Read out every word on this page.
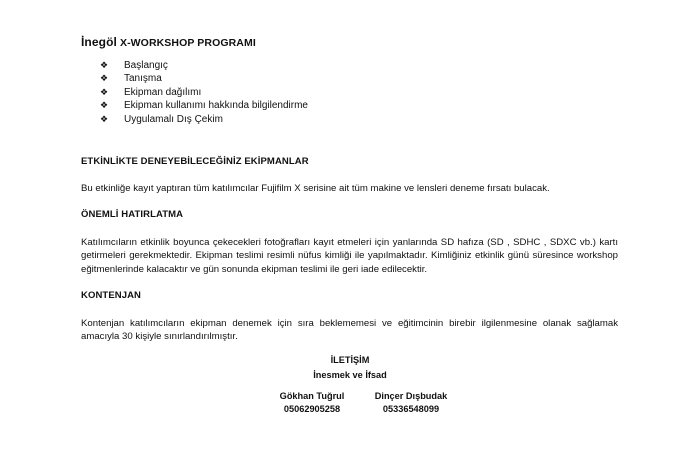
İnegöl X-WORKSHOP PROGRAMI
❖	Başlangıç
❖	Tanışma
❖	Ekipman dağılımı
❖	Ekipman kullanımı hakkında bilgilendirme
❖	Uygulamalı Dış Çekim
ETKİNLİKTE DENEYEBİLECEĞİNİZ EKİPMANLAR
Bu etkinliğe kayıt yaptıran tüm katılımcılar Fujifilm X serisine ait tüm makine ve lensleri deneme fırsatı bulacak.
ÖNEMLİ HATIRLATMA
Katılımcıların etkinlik boyunca çekecekleri fotoğrafları kayıt etmeleri için yanlarında SD hafıza (SD , SDHC , SDXC vb.) kartı getirmeleri gerekmektedir. Ekipman teslimi resimli nüfus kimliği ile yapılmaktadır. Kimliğiniz etkinlik günü süresince workshop eğitmenlerinde kalacaktır ve gün sonunda ekipman teslimi ile geri iade edilecektir.
KONTENJAN
Kontenjan katılımcıların ekipman denemek için sıra beklememesi ve eğitimcinin birebir ilgilenmesine olanak sağlamak amacıyla 30 kişiyle sınırlandırılmıştır.
İLETİŞİM
İnesmek ve İfsad
Gökhan Tuğrul
05062905258
Dinçer Dışbudak
05336548099
